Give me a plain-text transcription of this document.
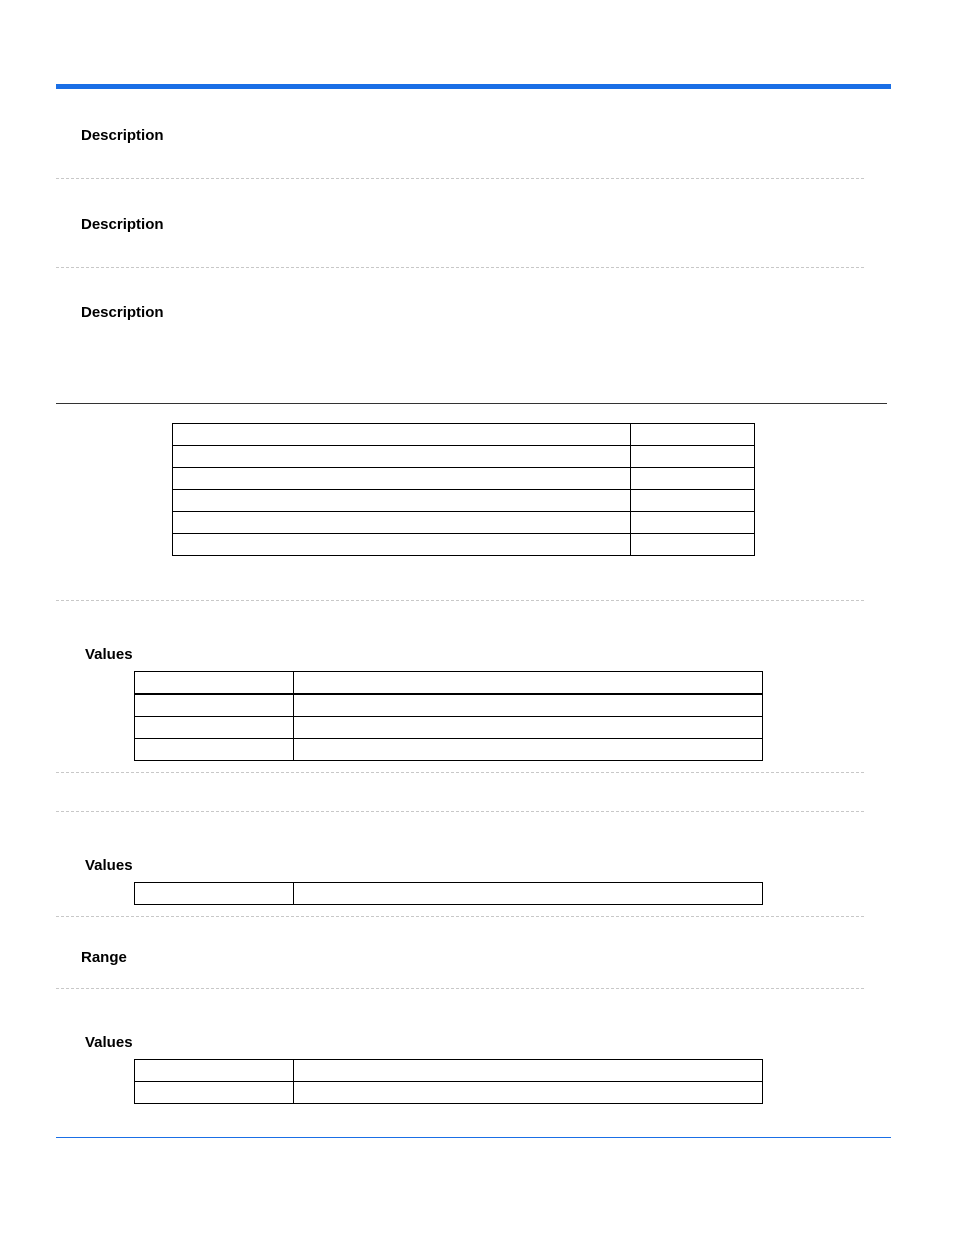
Description
Description
Description

Values

Values

Range
Values
